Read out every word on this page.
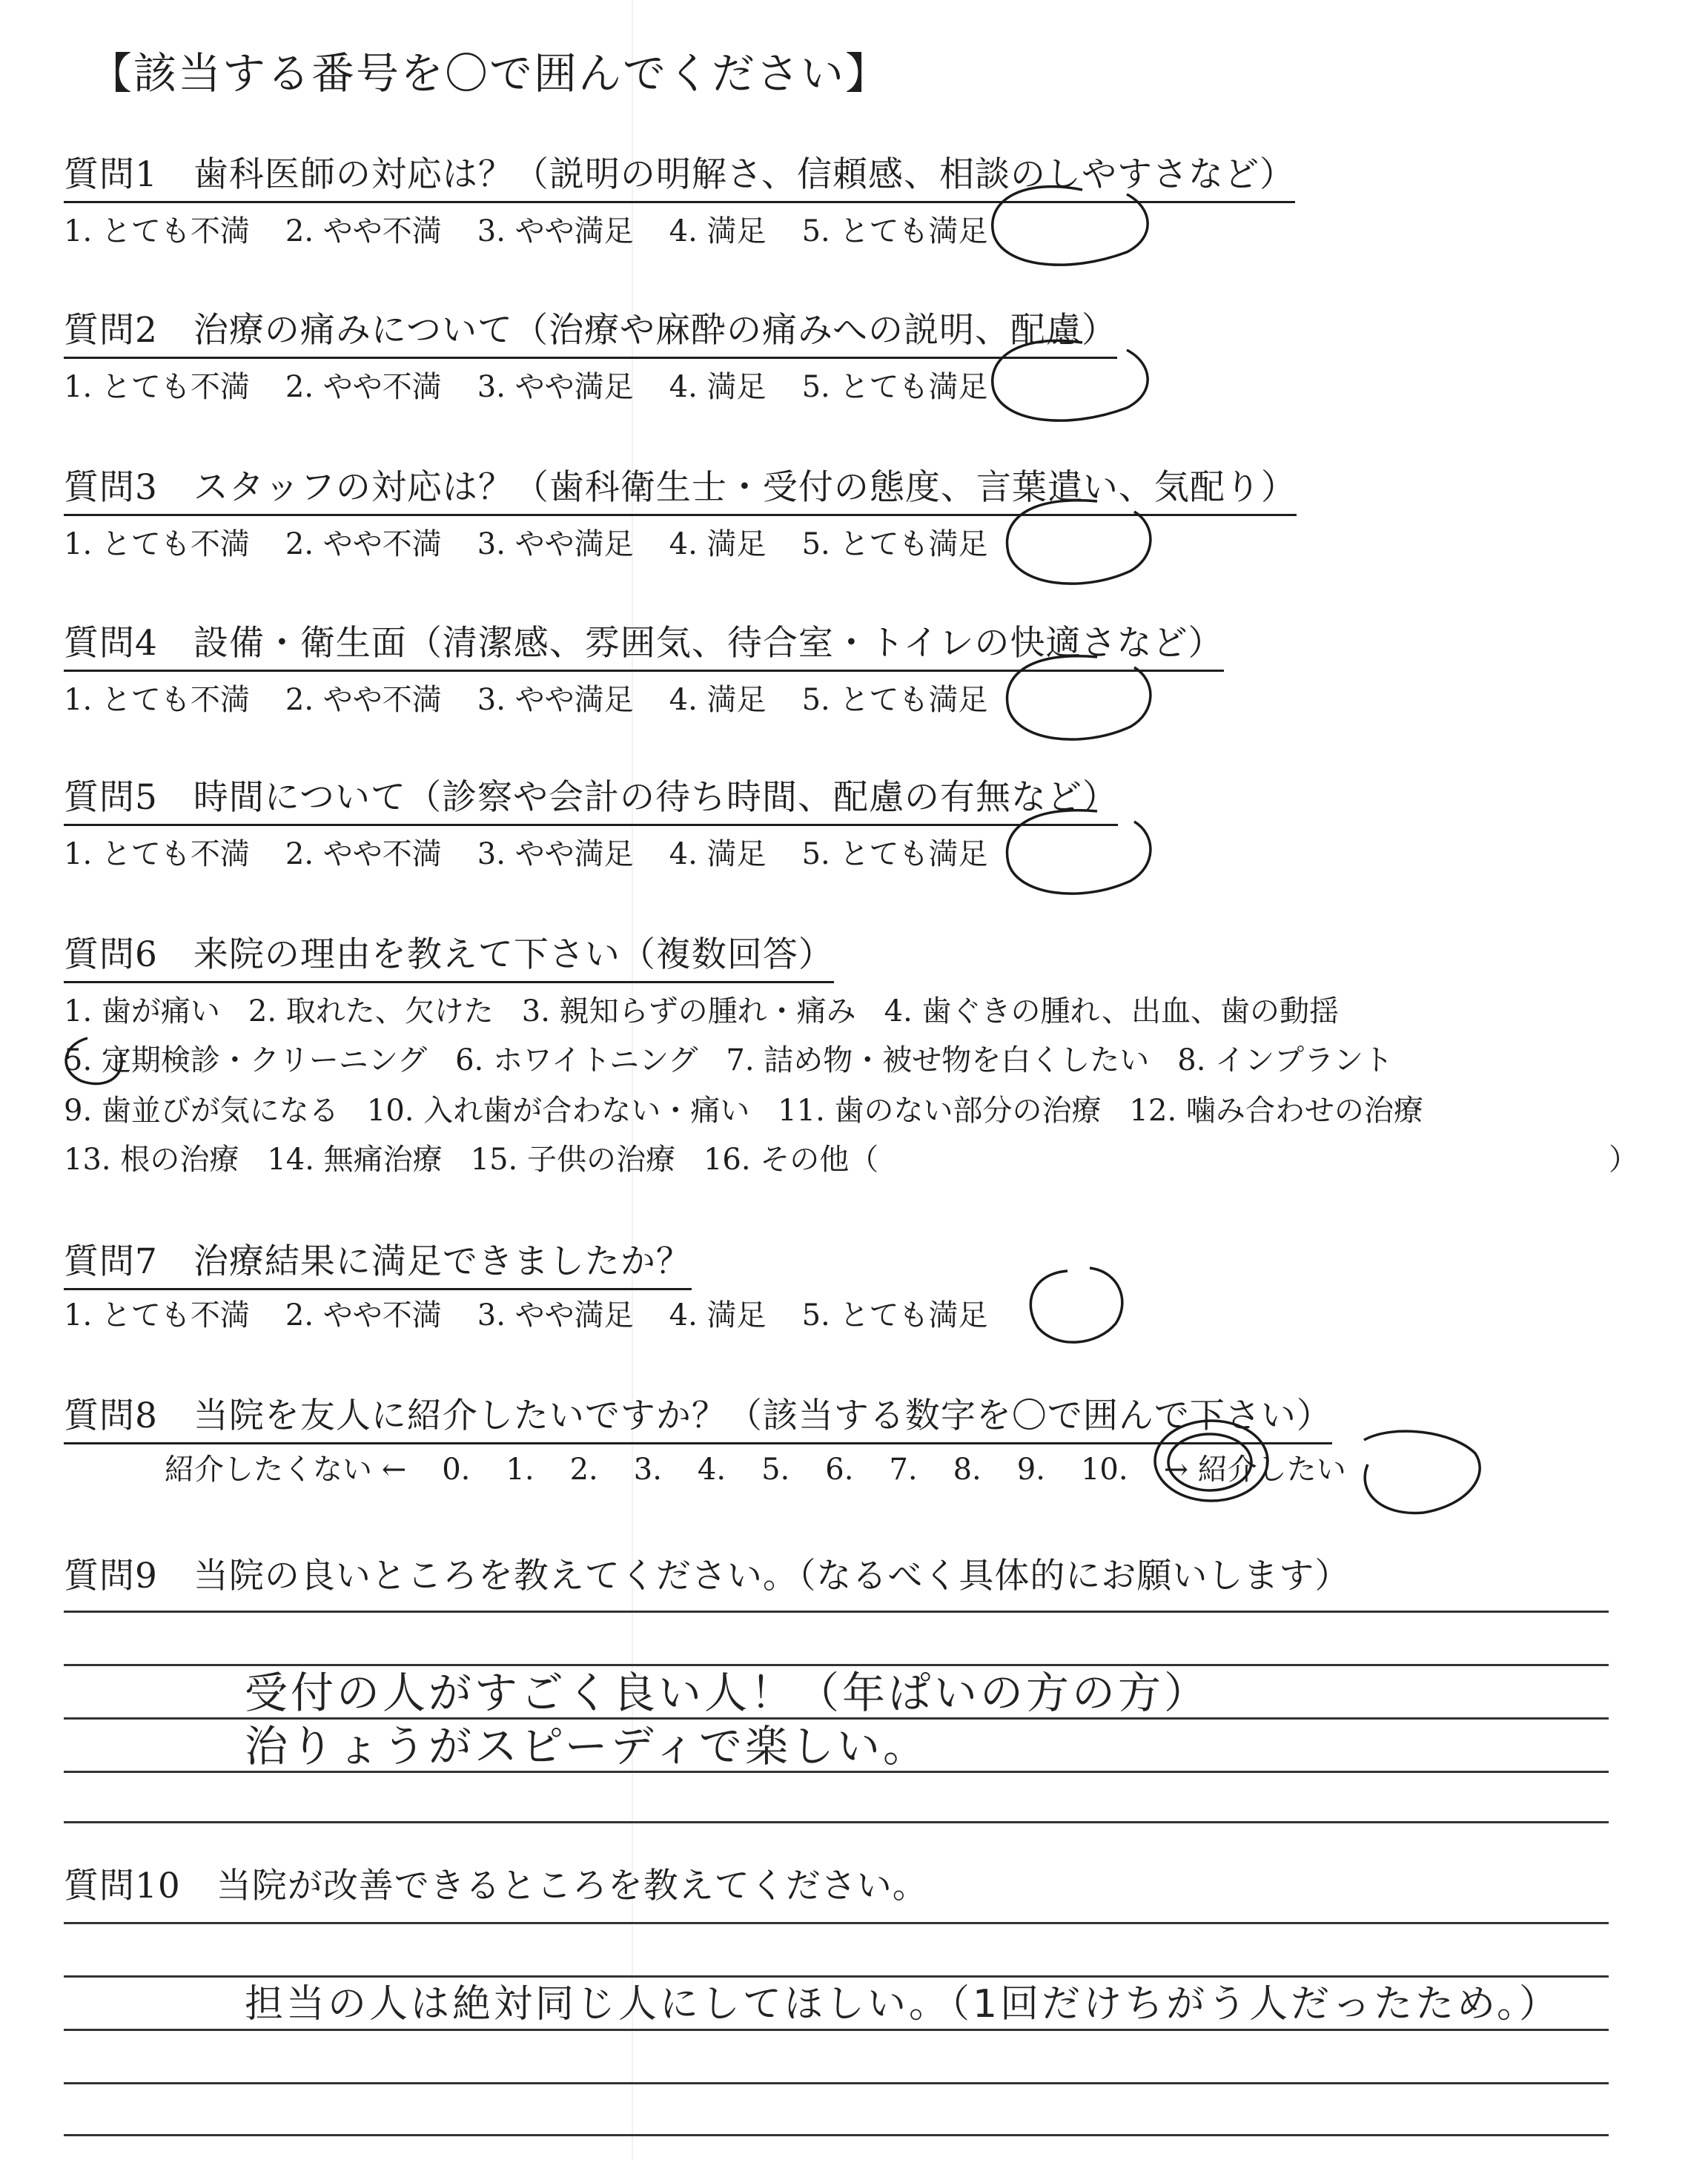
【該当する番号を〇で囲んでください】
質問1　歯科医師の対応は？（説明の明解さ、信頼感、相談のしやすさなど）
1. とても不満 2. やや不満 3. やや満足 4. 満足 5. とても満足
質問2　治療の痛みについて（治療や麻酔の痛みへの説明、配慮）
1. とても不満 2. やや不満 3. やや満足 4. 満足 5. とても満足
質問3　スタッフの対応は？（歯科衛生士・受付の態度、言葉遣い、気配り）
1. とても不満 2. やや不満 3. やや満足 4. 満足 5. とても満足
質問4　設備・衛生面（清潔感、雰囲気、待合室・トイレの快適さなど）
1. とても不満 2. やや不満 3. やや満足 4. 満足 5. とても満足
質問5　時間について（診察や会計の待ち時間、配慮の有無など）
1. とても不満 2. やや不満 3. やや満足 4. 満足 5. とても満足
質問6　来院の理由を教えて下さい（複数回答）
1. 歯が痛い 2. 取れた、欠けた 3. 親知らずの腫れ・痛み 4. 歯ぐきの腫れ、出血、歯の動揺
5. 定期検診・クリーニング 6. ホワイトニング 7. 詰め物・被せ物を白くしたい 8. インプラント
9. 歯並びが気になる 10. 入れ歯が合わない・痛い 11. 歯のない部分の治療 12. 噛み合わせの治療
13. 根の治療 14. 無痛治療 15. 子供の治療 16. その他（	）
質問7　治療結果に満足できましたか？
1. とても不満 2. やや不満 3. やや満足 4. 満足 5. とても満足
質問8　当院を友人に紹介したいですか？（該当する数字を〇で囲んで下さい）
紹介したくない ← 0. 1. 2. 3. 4. 5. 6. 7. 8. 9. 10. → 紹介したい
質問9　当院の良いところを教えてください。（なるべく具体的にお願いします）
受付の人がすごく良い人！（年ぱいの方の方）
治りょうがスピーディで楽しい。
質問10　当院が改善できるところを教えてください。
担当の人は絶対同じ人にしてほしい。（1回だけちがう人だったため。）
